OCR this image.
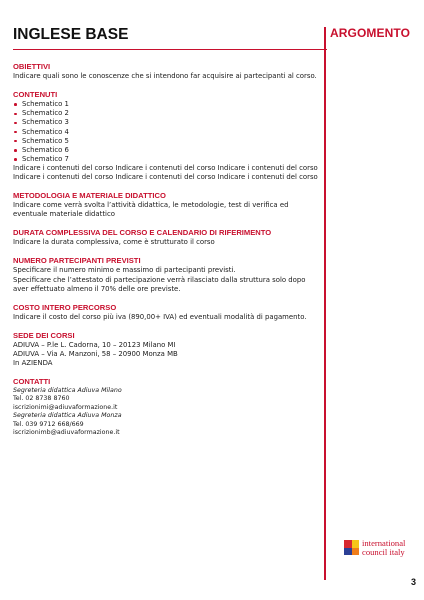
ARGOMENTO
INGLESE BASE
OBIETTIVI
Indicare quali sono le conoscenze che si intendono far acquisire ai partecipanti al corso.
CONTENUTI
Schematico 1
Schematico 2
Schematico 3
Schematico 4
Schematico 5
Schematico 6
Schematico 7
Indicare i contenuti del corso Indicare i contenuti del corso Indicare i contenuti del corso Indicare i contenuti del corso Indicare i contenuti del corso Indicare i contenuti del corso
METODOLOGIA E MATERIALE DIDATTICO
Indicare come verrà svolta l’attività didattica, le metodologie, test di verifica ed eventuale materiale didattico
DURATA COMPLESSIVA DEL CORSO E CALENDARIO DI RIFERIMENTO
Indicare la durata complessiva, come è strutturato il corso
NUMERO PARTECIPANTI PREVISTI
Specificare il numero minimo e massimo di partecipanti previsti.
Specificare che l’attestato di partecipazione verrà rilasciato dalla struttura solo dopo aver effettuato almeno il 70% delle ore previste.
COSTO INTERO PERCORSO
Indicare il costo del corso più iva (890,00+ IVA) ed eventuali modalità di pagamento.
SEDE DEI CORSI
ADIUVA – P.le L. Cadorna, 10 – 20123 Milano MI
ADIUVA – Via A. Manzoni, 58 – 20900 Monza MB
In AZIENDA
CONTATTI
Segreteria didattica Adiuva Milano
Tel. 02 8738 8760
iscrizionimi@adiuvaformazione.it
Segreteria didattica Adiuva Monza
Tel. 039 9712 668/669
iscrizionimb@adiuvaformazione.it
international
council italy
3
